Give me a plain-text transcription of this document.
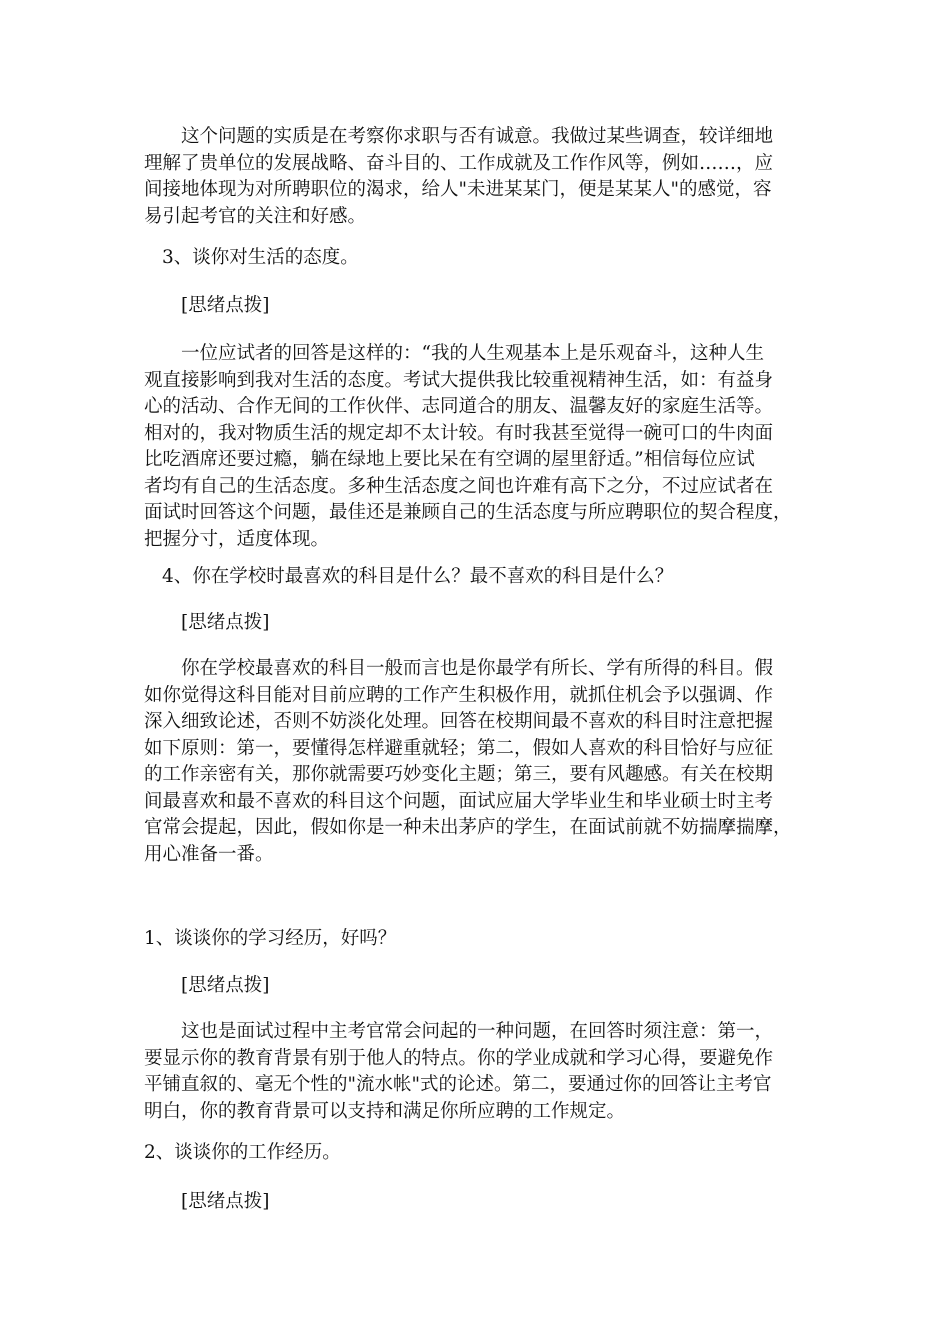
这个问题的实质是在考察你求职与否有诚意。我做过某些调查，较详细地
理解了贵单位的发展战略、奋斗目的、工作成就及工作作风等，例如……，应
间接地体现为对所聘职位的渴求，给人"未进某某门，便是某某人"的感觉，容
易引起考官的关注和好感。
3、谈你对生活的态度。
[思绪点拨]
一位应试者的回答是这样的：“我的人生观基本上是乐观奋斗，这种人生
观直接影响到我对生活的态度。考试大提供我比较重视精神生活，如：有益身
心的活动、合作无间的工作伙伴、志同道合的朋友、温馨友好的家庭生活等。
相对的，我对物质生活的规定却不太计较。有时我甚至觉得一碗可口的牛肉面
比吃酒席还要过瘾，躺在绿地上要比呆在有空调的屋里舒适。”相信每位应试
者均有自己的生活态度。多种生活态度之间也许难有高下之分，不过应试者在
面试时回答这个问题，最佳还是兼顾自己的生活态度与所应聘职位的契合程度，
把握分寸，适度体现。
4、你在学校时最喜欢的科目是什么？最不喜欢的科目是什么？
[思绪点拨]
你在学校最喜欢的科目一般而言也是你最学有所长、学有所得的科目。假
如你觉得这科目能对目前应聘的工作产生积极作用，就抓住机会予以强调、作
深入细致论述，否则不妨淡化处理。回答在校期间最不喜欢的科目时注意把握
如下原则：第一，要懂得怎样避重就轻；第二，假如人喜欢的科目恰好与应征
的工作亲密有关，那你就需要巧妙变化主题；第三，要有风趣感。有关在校期
间最喜欢和最不喜欢的科目这个问题，面试应届大学毕业生和毕业硕士时主考
官常会提起，因此，假如你是一种未出茅庐的学生，在面试前就不妨揣摩揣摩，
用心准备一番。
1、谈谈你的学习经历，好吗？
[思绪点拨]
这也是面试过程中主考官常会问起的一种问题，在回答时须注意：第一，
要显示你的教育背景有别于他人的特点。你的学业成就和学习心得，要避免作
平铺直叙的、毫无个性的"流水帐"式的论述。第二，要通过你的回答让主考官
明白，你的教育背景可以支持和满足你所应聘的工作规定。
2、谈谈你的工作经历。
[思绪点拨]
